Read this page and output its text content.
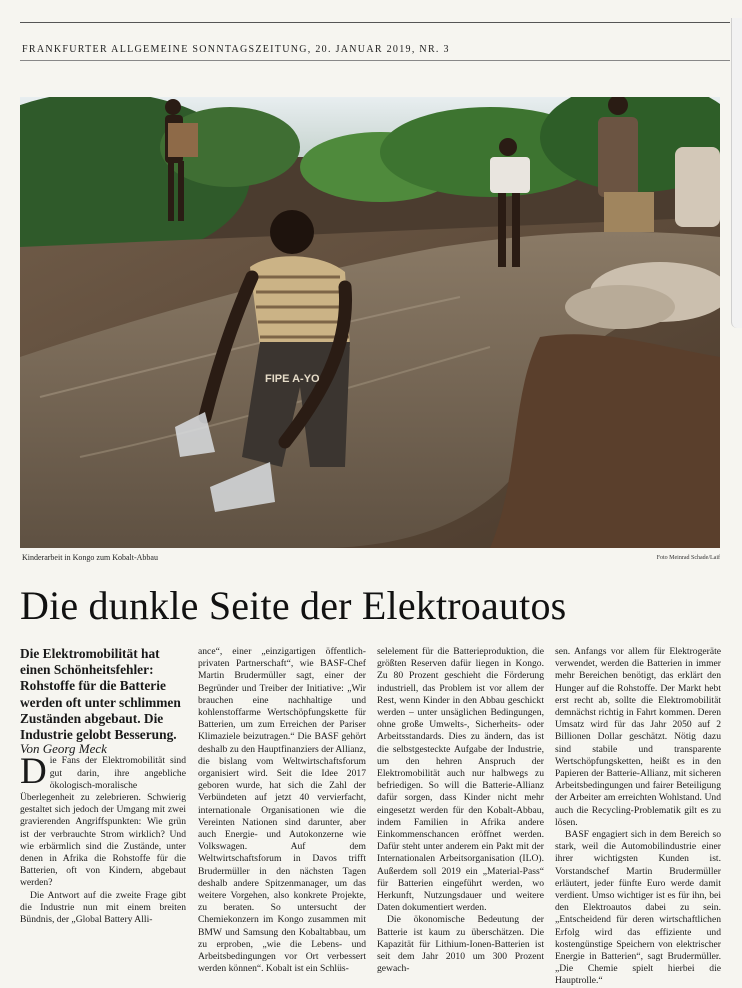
FRANKFURTER ALLGEMEINE SONNTAGSZEITUNG, 20. JANUAR 2019, NR. 3
FIPE A-YO
Kinderarbeit in Kongo zum Kobalt-Abbau	Foto Meinrad Schade/Laif
Die dunkle Seite der Elektroautos

Die Elektromobilität hat einen Schönheitsfehler: Rohstoffe für die Batterie werden oft unter schlimmen Zuständen abgebaut. Die Industrie gelobt Besserung.

Von Georg Meck

Die Fans der Elektromobilität sind gut darin, ihre angebliche ökologisch-moralische Überlegenheit zu zelebrieren. Schwierig gestaltet sich jedoch der Umgang mit zwei gravierenden Angriffspunkten: Wie grün ist der verbrauchte Strom wirklich? Und wie erbärmlich sind die Zustände, unter denen in Afrika die Rohstoffe für die Batterien, oft von Kindern, abgebaut werden?

Die Antwort auf die zweite Frage gibt die Industrie nun mit einem breiten Bündnis, der „Global Battery Alli-

ance“, einer „einzigartigen öffentlich-privaten Partnerschaft“, wie BASF-Chef Martin Brudermüller sagt, einer der Begründer und Treiber der Initiative: „Wir brauchen eine nachhaltige und kohlenstoffarme Wertschöpfungskette für Batterien, um zum Erreichen der Pariser Klimaziele beizutragen.“ Die BASF gehört deshalb zu den Hauptfinanziers der Allianz, die bislang vom Weltwirtschaftsforum organisiert wird. Seit die Idee 2017 geboren wurde, hat sich die Zahl der Verbündeten auf jetzt 40 vervierfacht, internationale Organisationen wie die Vereinten Nationen sind darunter, aber auch Energie- und Autokonzerne wie Volkswagen. Auf dem Weltwirtschaftsforum in Davos trifft Brudermüller in den nächsten Tagen deshalb andere Spitzenmanager, um das weitere Vorgehen, also konkrete Projekte, zu beraten. So untersucht der Chemiekonzern im Kongo zusammen mit BMW und Samsung den Kobaltabbau, um zu erproben, „wie die Lebens- und Arbeitsbedingungen vor Ort verbessert werden können“. Kobalt ist ein Schlüs-

selelement für die Batterieproduktion, die größten Reserven dafür liegen in Kongo. Zu 80 Prozent geschieht die Förderung industriell, das Problem ist vor allem der Rest, wenn Kinder in den Abbau geschickt werden – unter unsäglichen Bedingungen, ohne große Umwelts-, Sicherheits- oder Arbeitsstandards. Dies zu ändern, das ist die selbstgesteckte Aufgabe der Industrie, um den hehren Anspruch der Elektromobilität auch nur halbwegs zu befriedigen. So will die Batterie-Allianz dafür sorgen, dass Kinder nicht mehr eingesetzt werden für den Kobalt-Abbau, indem Familien in Afrika andere Einkommenschancen eröffnet werden. Dafür steht unter anderem ein Pakt mit der Internationalen Arbeitsorganisation (ILO). Außerdem soll 2019 ein „Material-Pass“ für Batterien eingeführt werden, wo Herkunft, Nutzungsdauer und weitere Daten dokumentiert werden.

Die ökonomische Bedeutung der Batterie ist kaum zu überschätzen. Die Kapazität für Lithium-Ionen-Batterien ist seit dem Jahr 2010 um 300 Prozent gewach-

sen. Anfangs vor allem für Elektrogeräte verwendet, werden die Batterien in immer mehr Bereichen benötigt, das erklärt den Hunger auf die Rohstoffe. Der Markt hebt erst recht ab, sollte die Elektromobilität demnächst richtig in Fahrt kommen. Deren Umsatz wird für das Jahr 2050 auf 2 Billionen Dollar geschätzt. Nötig dazu sind stabile und transparente Wertschöpfungsketten, heißt es in den Papieren der Batterie-Allianz, mit sicheren Arbeitsbedingungen und fairer Beteiligung der Arbeiter am erreichten Wohlstand. Und auch die Recycling-Problematik gilt es zu lösen.

BASF engagiert sich in dem Bereich so stark, weil die Automobilindustrie einer ihrer wichtigsten Kunden ist. Vorstandschef Martin Brudermüller erläutert, jeder fünfte Euro werde damit verdient. Umso wichtiger ist es für ihn, bei den Elektroautos dabei zu sein. „Entscheidend für deren wirtschaftlichen Erfolg wird das effiziente und kostengünstige Speichern von elektrischer Energie in Batterien“, sagt Brudermüller. „Die Chemie spielt hierbei die Hauptrolle.“
